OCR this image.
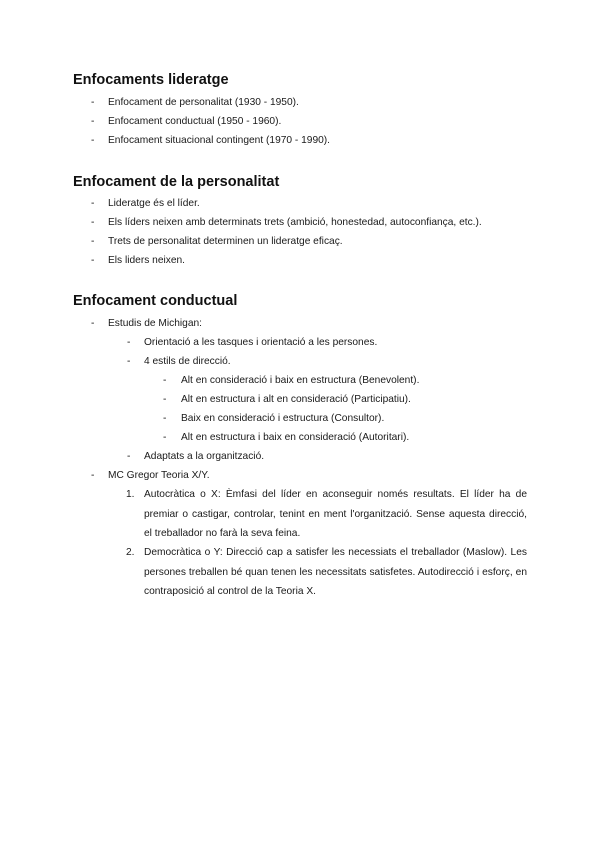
Enfocaments lideratge
- Enfocament de personalitat (1930 - 1950).
- Enfocament conductual (1950 - 1960).
- Enfocament situacional contingent (1970 - 1990).
Enfocament de la personalitat
- Lideratge és el líder.
- Els líders neixen amb determinats trets (ambició, honestedad, autoconfiança, etc.).
- Trets de personalitat determinen un lideratge eficaç.
- Els liders neixen.
Enfocament conductual
- Estudis de Michigan:
- Orientació a les tasques i orientació a les persones.
- 4 estils de direcció.
- Alt en consideració i baix en estructura (Benevolent).
- Alt en estructura i alt en consideració (Participatiu).
- Baix en consideració i estructura (Consultor).
- Alt en estructura i baix en consideració (Autoritari).
- Adaptats a la organització.
- MC Gregor Teoria X/Y.
1. Autocràtica o X: Èmfasi del líder en aconseguir només resultats. El líder ha de premiar o castigar, controlar, tenint en ment l'organització. Sense aquesta direcció, el treballador no farà la seva feina.
2. Democràtica o Y: Direcció cap a satisfer les necessiats el treballador (Maslow). Les persones treballen bé quan tenen les necessitats satisfetes. Autodirecció i esforç, en contraposició al control de la Teoria X.
